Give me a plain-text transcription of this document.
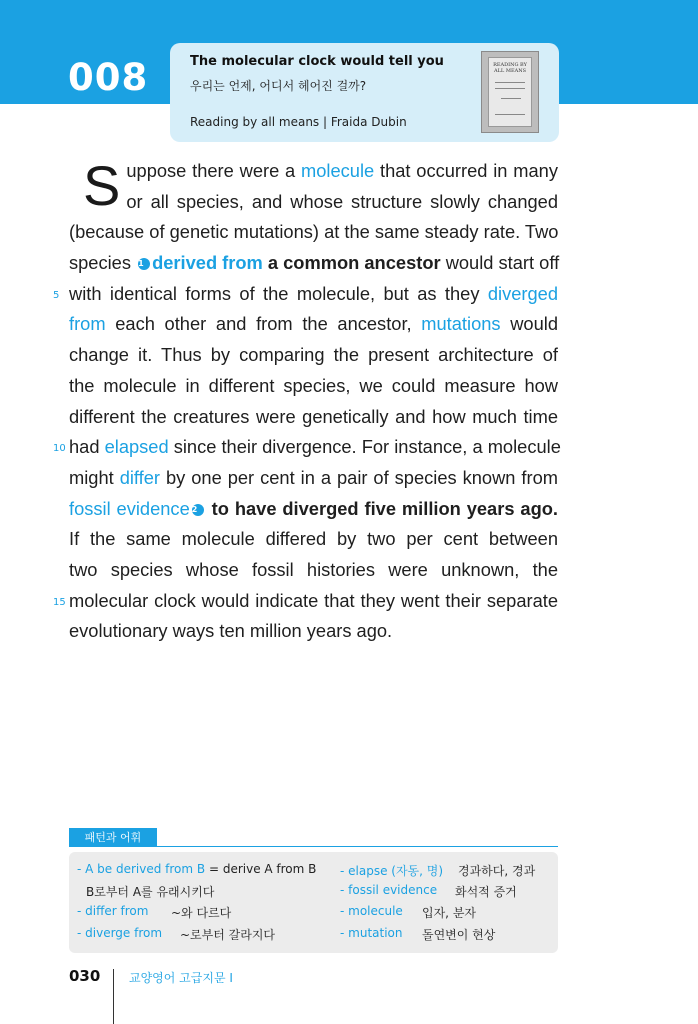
008	The molecular clock would tell you
우리는 언제, 어디서 헤어진 걸까?
Reading by all means | Fraida Dubin
READING BY ALL MEANS
S uppose there were a molecule that occurred in many
or all species, and whose structure slowly changed
(because of genetic mutations) at the same steady rate. Two
species 1 derived from a common ancestor would start off
with identical forms of the molecule, but as they diverged
from each other and from the ancestor, mutations would
change it. Thus by comparing the present architecture of
the molecule in different species, we could measure how
different the creatures were genetically and how much time
had elapsed since their divergence. For instance, a molecule
might differ by one per cent in a pair of species known from
fossil evidence 2 to have diverged five million years ago.
If the same molecule differed by two per cent between
two species whose fossil histories were unknown, the
molecular clock would indicate that they went their separate
evolutionary ways ten million years ago.
5
10
15
패턴과 어휘
- A be derived from B = derive A from B
B로부터 A를 유래시키다
- differ from ~와 다르다
- diverge from ~로부터 갈라지다
- elapse (자동, 명) 경과하다, 경과
- fossil evidence 화석적 증거
- molecule 입자, 분자
- mutation 돌연변이 현상
030 교양영어 고급지문 I
